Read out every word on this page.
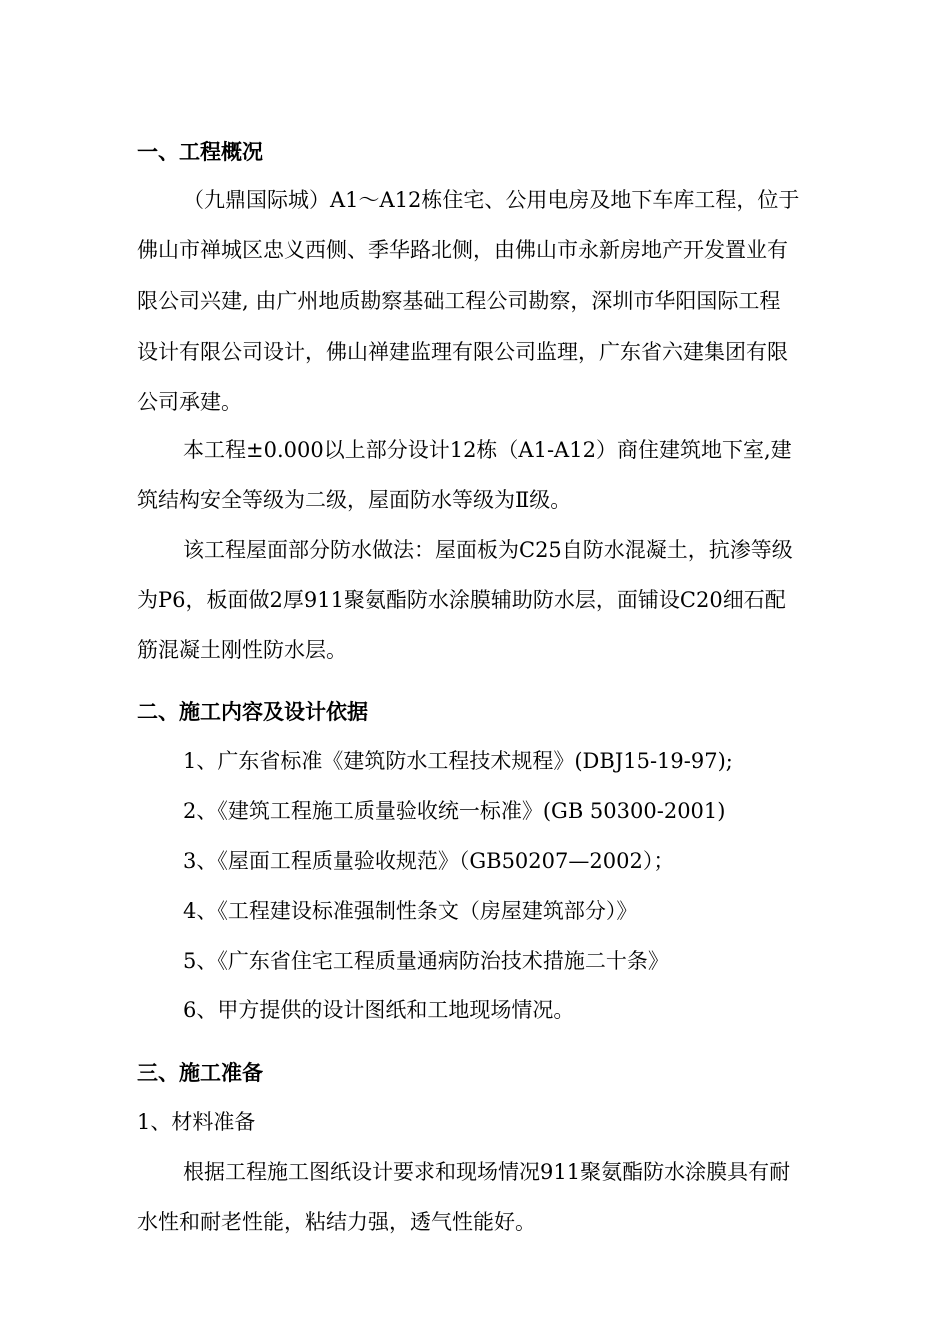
一、工程概况
（九鼎国际城）A1～A12栋住宅、公用电房及地下车库工程，位于
佛山市禅城区忠义西侧、季华路北侧，由佛山市永新房地产开发置业有
限公司兴建, 由广州地质勘察基础工程公司勘察，深圳市华阳国际工程
设计有限公司设计，佛山禅建监理有限公司监理，广东省六建集团有限
公司承建。
本工程±0.000以上部分设计12栋（A1-A12）商住建筑地下室,建
筑结构安全等级为二级，屋面防水等级为Ⅱ级。
该工程屋面部分防水做法：屋面板为C25自防水混凝土，抗渗等级
为P6，板面做2厚911聚氨酯防水涂膜辅助防水层，面铺设C20细石配
筋混凝土刚性防水层。
二、施工内容及设计依据
1、广东省标准《建筑防水工程技术规程》(DBJ15-19-97);
2、《建筑工程施工质量验收统一标准》(GB 50300-2001)
3、《屋面工程质量验收规范》（GB50207—2002）；
4、《工程建设标准强制性条文（房屋建筑部分）》
5、《广东省住宅工程质量通病防治技术措施二十条》
6、甲方提供的设计图纸和工地现场情况。
三、施工准备
1、材料准备
根据工程施工图纸设计要求和现场情况911聚氨酯防水涂膜具有耐
水性和耐老性能，粘结力强，透气性能好。
